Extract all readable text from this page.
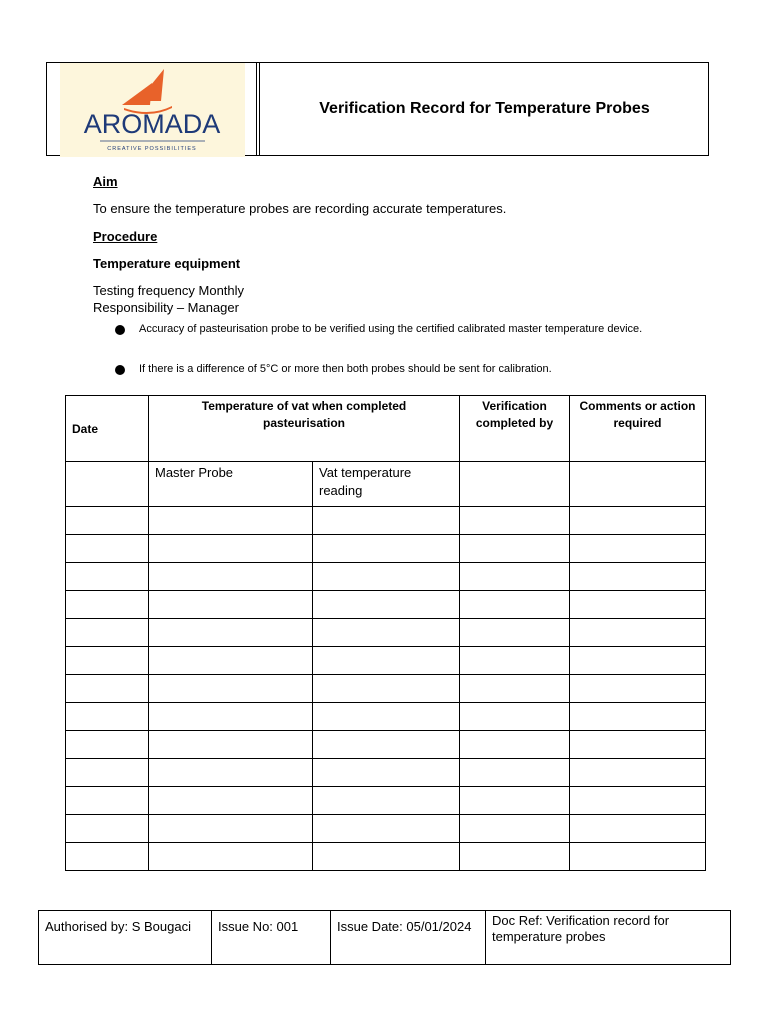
AROMADA
CREATIVE POSSIBILITIES
Verification Record for Temperature Probes
Aim
To ensure the temperature probes are recording accurate temperatures.
Procedure
Temperature equipment
Testing frequency Monthly
Responsibility – Manager
Accuracy of pasteurisation probe to be verified using the certified calibrated master temperature device.
If there is a difference of 5°C or more then both probes should be sent for calibration.
Date	Temperature of vat when completed pasteurisation		Verification completed by	Comments or action required
	Master Probe	Vat temperature reading		

Authorised by: S Bougaci	Issue No: 001	Issue Date: 05/01/2024	Doc Ref: Verification record for temperature probes
